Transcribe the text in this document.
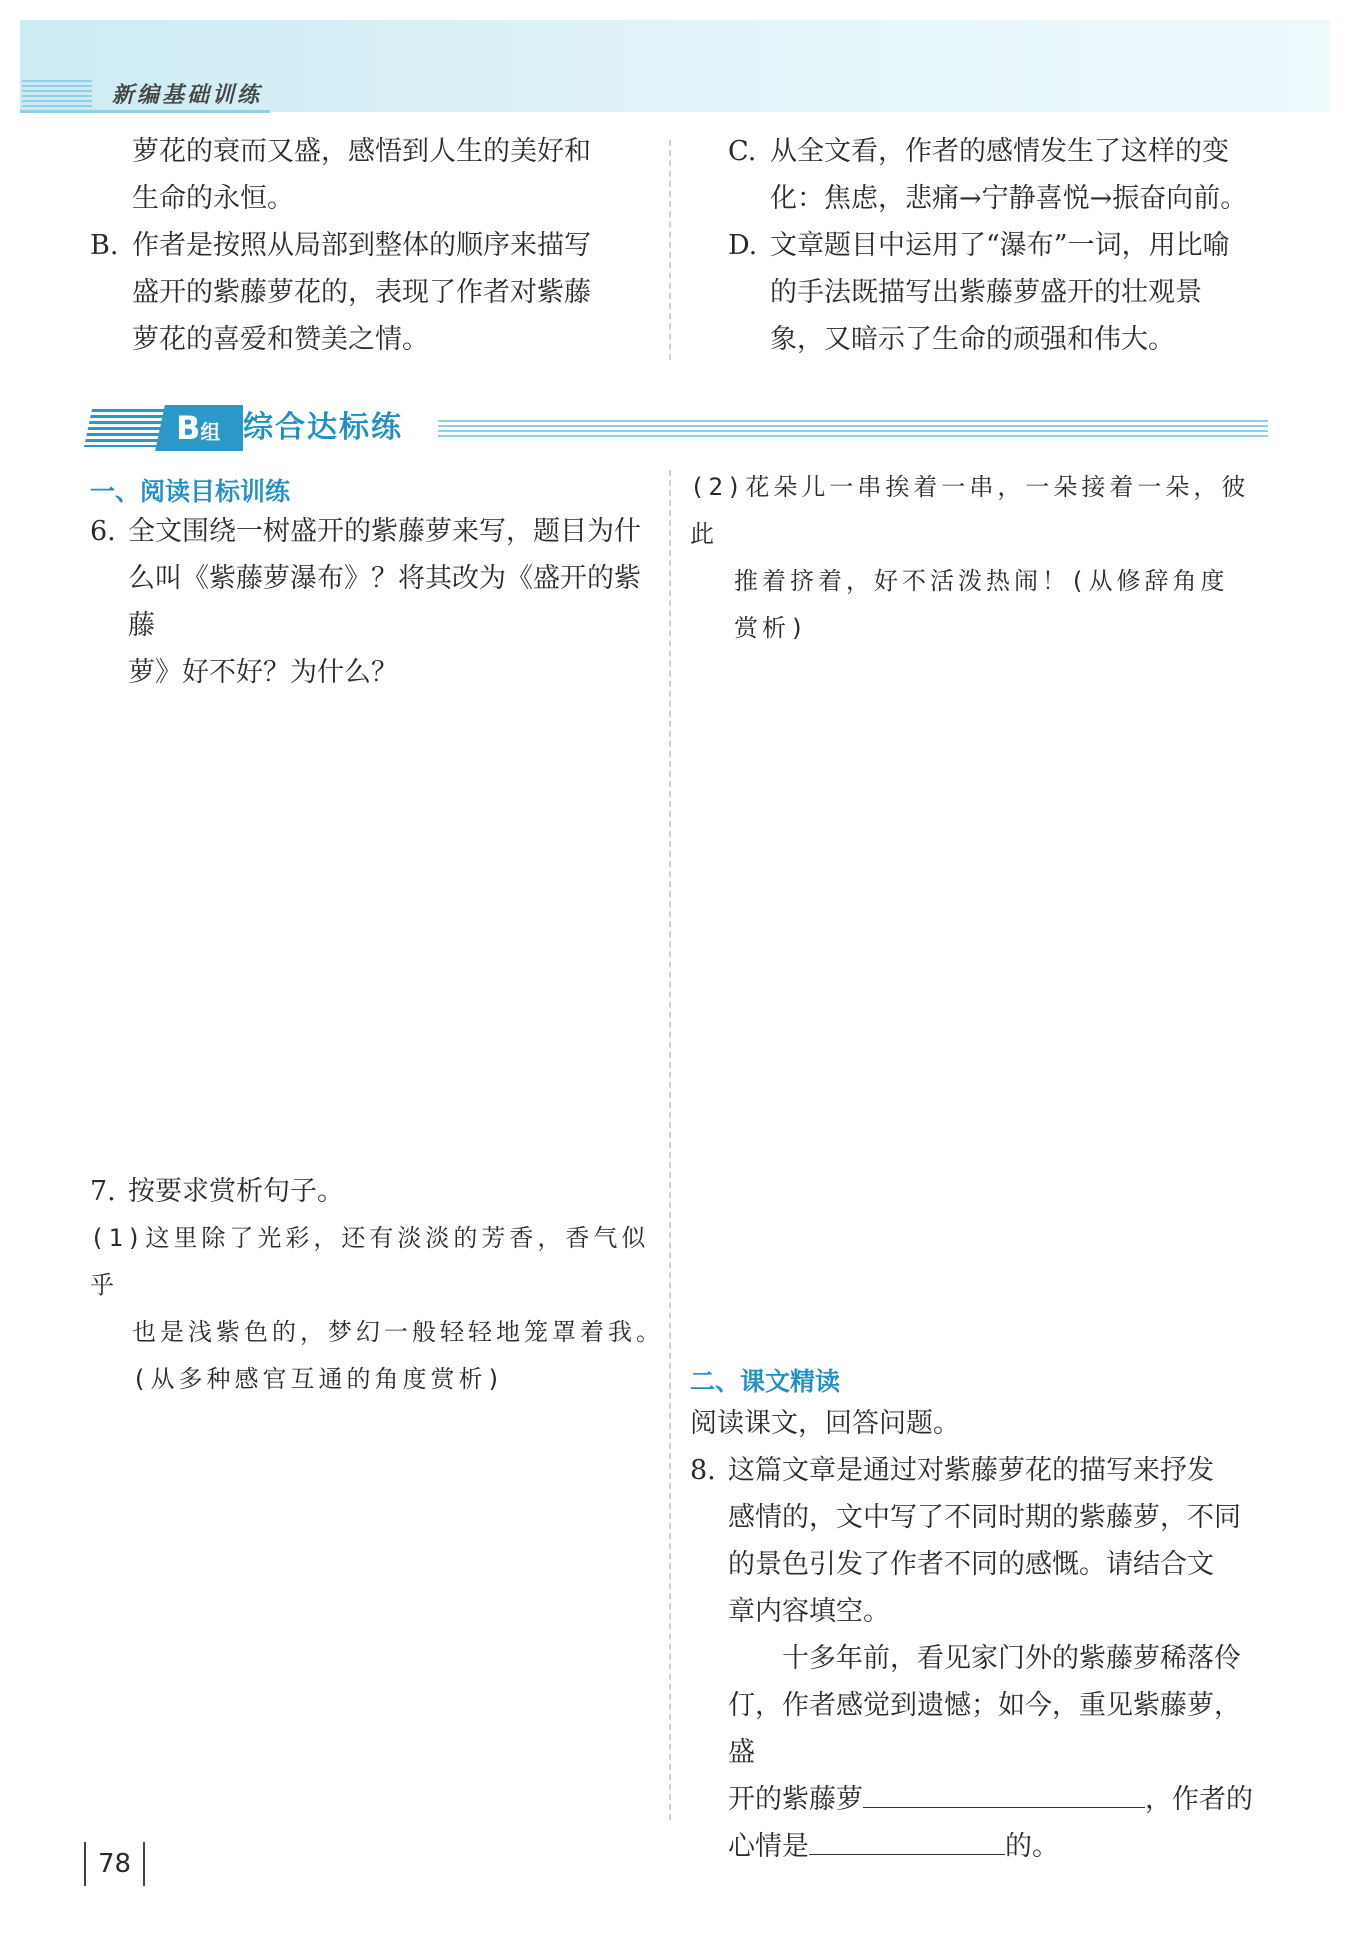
新编基础训练
萝花的衰而又盛，感悟到人生的美好和
生命的永恒。
B. 作者是按照从局部到整体的顺序来描写
盛开的紫藤萝花的，表现了作者对紫藤
萝花的喜爱和赞美之情。
C. 从全文看，作者的感情发生了这样的变
化：焦虑，悲痛→宁静喜悦→振奋向前。
D. 文章题目中运用了“瀑布”一词，用比喻
的手法既描写出紫藤萝盛开的壮观景
象，又暗示了生命的顽强和伟大。
B组 综合达标练
一、阅读目标训练
6. 全文围绕一树盛开的紫藤萝来写，题目为什
么叫《紫藤萝瀑布》？将其改为《盛开的紫藤
萝》好不好？为什么？
7. 按要求赏析句子。
(1)这里除了光彩，还有淡淡的芳香，香气似乎
也是浅紫色的，梦幻一般轻轻地笼罩着我。
(从多种感官互通的角度赏析)
(2)花朵儿一串挨着一串，一朵接着一朵，彼此
推着挤着，好不活泼热闹！(从修辞角度
赏析)
二、课文精读
阅读课文，回答问题。
8. 这篇文章是通过对紫藤萝花的描写来抒发
感情的，文中写了不同时期的紫藤萝，不同
的景色引发了作者不同的感慨。请结合文
章内容填空。
十多年前，看见家门外的紫藤萝稀落伶
仃，作者感觉到遗憾；如今，重见紫藤萝，盛
开的紫藤萝	，作者的
心情是	的。
78
